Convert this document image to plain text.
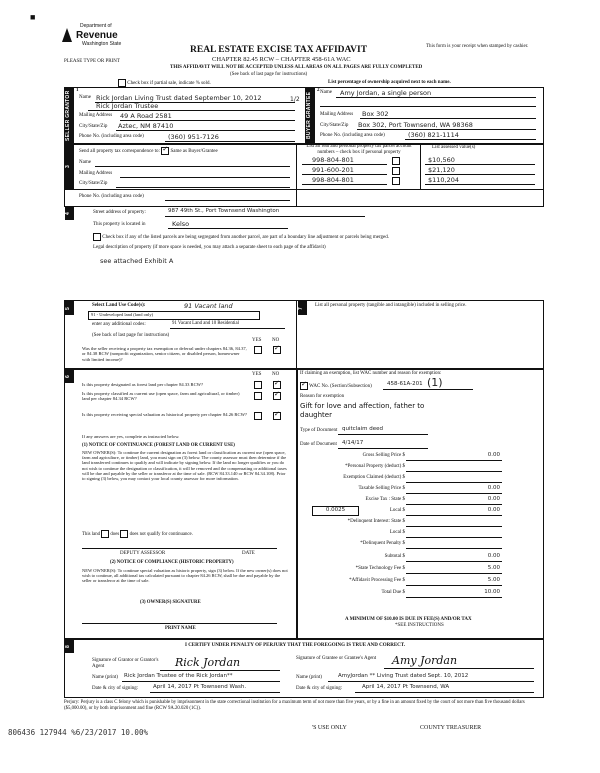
■
Department of
Revenue
Washington State
PLEASE TYPE OR PRINT
REAL ESTATE EXCISE TAX AFFIDAVIT
CHAPTER 82.45 RCW – CHAPTER 458-61A WAC
THIS AFFIDAVIT WILL NOT BE ACCEPTED UNLESS ALL AREAS ON ALL PAGES ARE FULLY COMPLETED
(See back of last page for instructions)
This form is your receipt when stamped by cashier.
Check box if partial sale, indicate % sold.	List percentage of ownership acquired next to each name.
SELLER GRANTOR	1
BUYER GRANTEE
2
Name Rick Jordan Living Trust dated September 10, 2012	1/2
Rick Jordan Trustee
Mailing Address 49 A Road 2581
City/State/Zip Aztec, NM 87410
Phone No. (including area code)	(360) 951-7126
Name Amy Jordan, a single person
Mailing Address Box 302
City/State/Zip Box 302, Port Townsend, WA 98368
Phone No. (including area code)	(360) 821-1114
3
Send all property tax correspondence to: ✓ Same as Buyer/Grantee
Name
Mailing Address
City/State/Zip
Phone No. (including area code)
List all real and personal property tax parcel account numbers – check box if personal property
List assessed value(s)
998-804-801	$10,560
991-600-201	$21,120
998-804-801	$110,204
4	Street address of property:	987 49th St., Port Townsend Washington
This property is located in	Kelso
Check box if any of the listed parcels are being segregated from another parcel, are part of a boundary line adjustment or parcels being merged.
Legal description of property (if more space is needed, you may attach a separate sheet to each page of the affidavit)
see attached Exhibit A
5	Select Land Use Code(s):	91 Vacant land
91 - Undeveloped land (land only)
enter any additional codes:	91 Vacant Land and 10 Residential
(See back of last page for instructions)
YES NO
Was the seller receiving a property tax exemption or deferral under chapters 84.36, 84.37, or 84.38 RCW (nonprofit organization, senior citizen, or disabled person, homeowner with limited income)?
✓
7	List all personal property (tangible and intangible) included in selling price.
6	YES NO
Is this property designated as forest land per chapter 84.33 RCW?
✓
Is this property classified as current use (open space, farm and agricultural, or timber) land per chapter 84.34 RCW?
✓
Is this property receiving special valuation as historical property per chapter 84.26 RCW?
✓
If any answers are yes, complete as instructed below.
(1) NOTICE OF CONTINUANCE (FOREST LAND OR CURRENT USE)
NEW OWNER(S): To continue the current designation as forest land or classification as current use (open space, farm and agriculture, or timber) land, you must sign on (3) below. The county assessor must then determine if the land transferred continues to qualify and will indicate by signing below. If the land no longer qualifies or you do not wish to continue the designation or classification, it will be removed and the compensating or additional taxes will be due and payable by the seller or transferor at the time of sale. (RCW 84.33.140 or RCW 84.34.108). Prior to signing (3) below, you may contact your local county assessor for more information.
This land does does not qualify for continuance.
DEPUTY ASSESSOR	DATE
(2) NOTICE OF COMPLIANCE (HISTORIC PROPERTY)
NEW OWNER(S): To continue special valuation as historic property, sign (3) below. If the new owner(s) does not wish to continue, all additional tax calculated pursuant to chapter 84.26 RCW, shall be due and payable by the seller or transferor at the time of sale.
(3) OWNER(S) SIGNATURE
PRINT NAME
If claiming an exemption, list WAC number and reason for exemption:
✓ WAC No. (Section/Subsection)	458-61A-201 (1)
Reason for exemption
Gift for love and affection, father to daughter
Type of Document quitclaim deed
Date of Document 4/14/17
Gross Selling Price $	0.00
*Personal Property (deduct) $
Exemption Claimed (deduct) $
Taxable Selling Price $	0.00
Excise Tax : State $	0.00
0.0025	Local $	0.00
*Delinquent Interest: State $
Local $
*Delinquent Penalty $
Subtotal $	0.00
*State Technology Fee $	5.00
*Affidavit Processing Fee $	5.00
Total Due $	10.00
A MINIMUM OF $10.00 IS DUE IN FEE(S) AND/OR TAX
*SEE INSTRUCTIONS
8	I CERTIFY UNDER PENALTY OF PERJURY THAT THE FOREGOING IS TRUE AND CORRECT.
Signature of Grantor or Grantor's Agent	Rick Jordan
Name (print) Rick Jordan Trustee of the Rick Jordan**
Date & city of signing:	April 14, 2017 Pt Townsend Wash.
Signature of Grantee or Grantee's Agent	Amy Jordan
Name (print)	AmyJordan ** Living Trust dated Sept. 10, 2012
Date & city of signing:	April 14, 2017 Pt Townsend, WA
Perjury: Perjury is a class C felony which is punishable by imprisonment in the state correctional institution for a maximum term of not more than five years, or by a fine in an amount fixed by the court of not more than five thousand dollars ($5,000.00), or by both imprisonment and fine (RCW 9A.20.020 (1C)).
806436 127944 %6/23/2017 10.00%	'S USE ONLY	COUNTY TREASURER
